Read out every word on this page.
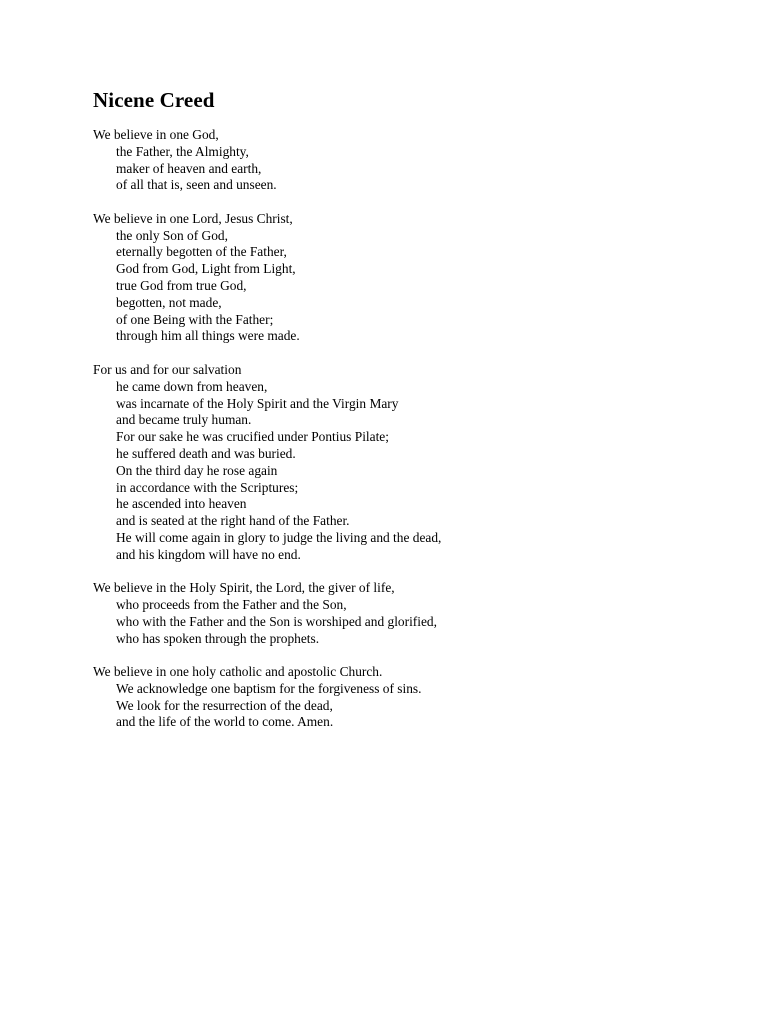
Nicene Creed
We believe in one God,
the Father, the Almighty,
maker of heaven and earth,
of all that is, seen and unseen.
We believe in one Lord, Jesus Christ,
the only Son of God,
eternally begotten of the Father,
God from God, Light from Light,
true God from true God,
begotten, not made,
of one Being with the Father;
through him all things were made.
For us and for our salvation
he came down from heaven,
was incarnate of the Holy Spirit and the Virgin Mary
and became truly human.
For our sake he was crucified under Pontius Pilate;
he suffered death and was buried.
On the third day he rose again
in accordance with the Scriptures;
he ascended into heaven
and is seated at the right hand of the Father.
He will come again in glory to judge the living and the dead,
and his kingdom will have no end.
We believe in the Holy Spirit, the Lord, the giver of life,
who proceeds from the Father and the Son,
who with the Father and the Son is worshiped and glorified,
who has spoken through the prophets.
We believe in one holy catholic and apostolic Church.
We acknowledge one baptism for the forgiveness of sins.
We look for the resurrection of the dead,
and the life of the world to come. Amen.
